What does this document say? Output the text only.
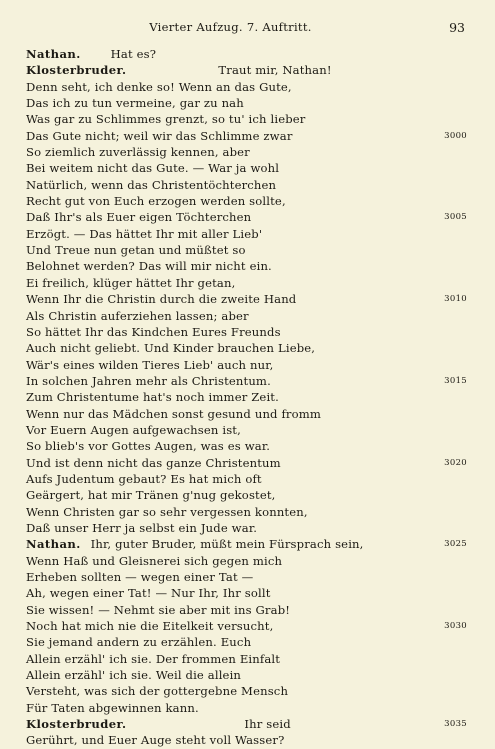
Vierter Aufzug. 7. Auftritt.	93
Nathan.	Hat es?
Klosterbruder.	Traut mir, Nathan!
Denn seht, ich denke so! Wenn an das Gute,
Das ich zu tun vermeine, gar zu nah
Was gar zu Schlimmes grenzt, so tu' ich lieber
Das Gute nicht; weil wir das Schlimme zwar	3000
So ziemlich zuverlässig kennen, aber
Bei weitem nicht das Gute. — War ja wohl
Natürlich, wenn das Christentöchterchen
Recht gut von Euch erzogen werden sollte,
Daß Ihr's als Euer eigen Töchterchen	3005
Erzögt. — Das hättet Ihr mit aller Lieb'
Und Treue nun getan und müßtet so
Belohnet werden? Das will mir nicht ein.
Ei freilich, klüger hättet Ihr getan,
Wenn Ihr die Christin durch die zweite Hand	3010
Als Christin auferziehen lassen; aber
So hättet Ihr das Kindchen Eures Freunds
Auch nicht geliebt. Und Kinder brauchen Liebe,
Wär's eines wilden Tieres Lieb' auch nur,
In solchen Jahren mehr als Christentum.	3015
Zum Christentume hat's noch immer Zeit.
Wenn nur das Mädchen sonst gesund und fromm
Vor Euern Augen aufgewachsen ist,
So blieb's vor Gottes Augen, was es war.
Und ist denn nicht das ganze Christentum	3020
Aufs Judentum gebaut? Es hat mich oft
Geärgert, hat mir Tränen g'nug gekostet,
Wenn Christen gar so sehr vergessen konnten,
Daß unser Herr ja selbst ein Jude war.
Nathan. Ihr, guter Bruder, müßt mein Fürsprach sein,	3025
Wenn Haß und Gleisnerei sich gegen mich
Erheben sollten — wegen einer Tat —
Ah, wegen einer Tat! — Nur Ihr, Ihr sollt
Sie wissen! — Nehmt sie aber mit ins Grab!
Noch hat mich nie die Eitelkeit versucht,	3030
Sie jemand andern zu erzählen. Euch
Allein erzähl' ich sie. Der frommen Einfalt
Allein erzähl' ich sie. Weil die allein
Versteht, was sich der gottergebne Mensch
Für Taten abgewinnen kann.
Klosterbruder.	Ihr seid	3035
Gerührt, und Euer Auge steht voll Wasser?
